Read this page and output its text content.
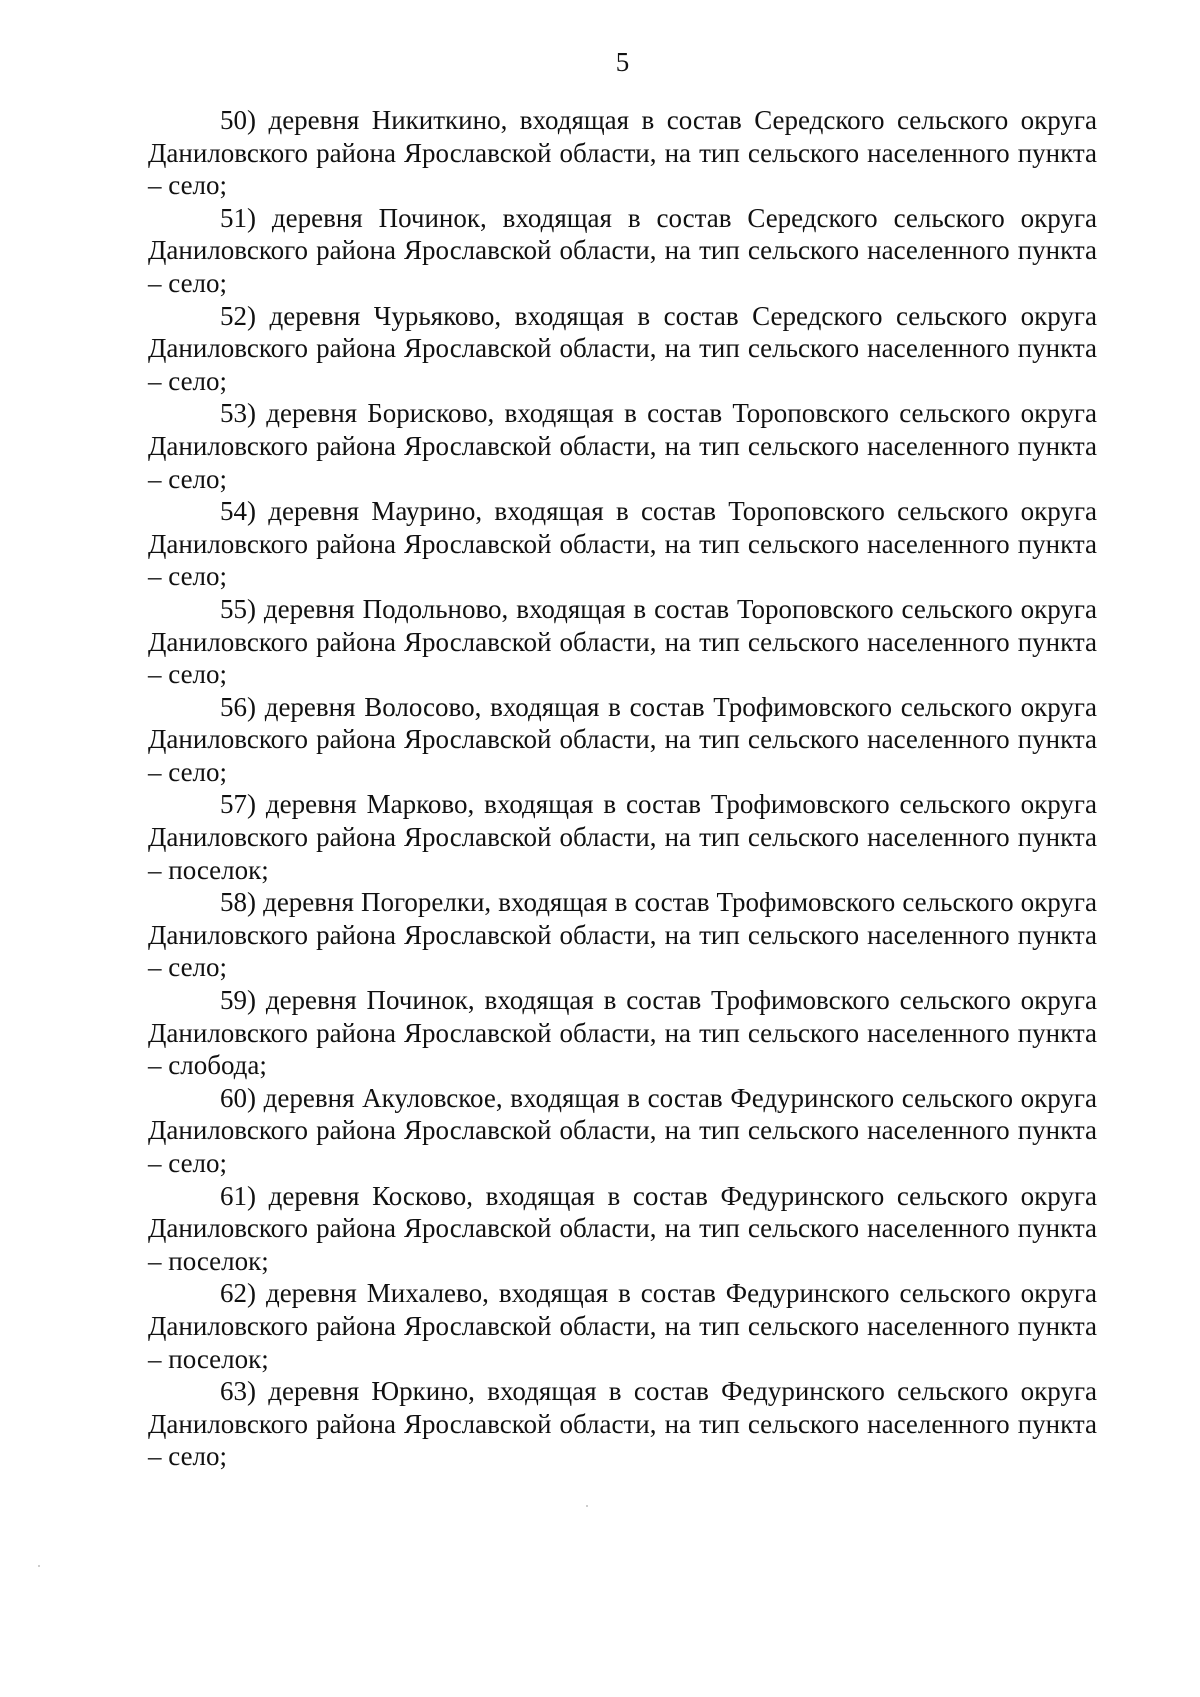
5

50) деревня Никиткино, входящая в состав Середского сельского округа Даниловского района Ярославской области, на тип сельского населенного пункта – село;

51) деревня Починок, входящая в состав Середского сельского округа Даниловского района Ярославской области, на тип сельского населенного пункта – село;

52) деревня Чурьяково, входящая в состав Середского сельского округа Даниловского района Ярославской области, на тип сельского населенного пункта – село;

53) деревня Борисково, входящая в состав Тороповского сельского округа Даниловского района Ярославской области, на тип сельского населенного пункта – село;

54) деревня Маурино, входящая в состав Тороповского сельского округа Даниловского района Ярославской области, на тип сельского населенного пункта – село;

55) деревня Подольново, входящая в состав Тороповского сельского округа Даниловского района Ярославской области, на тип сельского населенного пункта – село;

56) деревня Волосово, входящая в состав Трофимовского сельского округа Даниловского района Ярославской области, на тип сельского населенного пункта – село;

57) деревня Марково, входящая в состав Трофимовского сельского округа Даниловского района Ярославской области, на тип сельского населенного пункта – поселок;

58) деревня Погорелки, входящая в состав Трофимовского сельского округа Даниловского района Ярославской области, на тип сельского населенного пункта – село;

59) деревня Починок, входящая в состав Трофимовского сельского округа Даниловского района Ярославской области, на тип сельского населенного пункта – слобода;

60) деревня Акуловское, входящая в состав Федуринского сельского округа Даниловского района Ярославской области, на тип сельского населенного пункта – село;

61) деревня Косково, входящая в состав Федуринского сельского округа Даниловского района Ярославской области, на тип сельского населенного пункта – поселок;

62) деревня Михалево, входящая в состав Федуринского сельского округа Даниловского района Ярославской области, на тип сельского населенного пункта – поселок;

63) деревня Юркино, входящая в состав Федуринского сельского округа Даниловского района Ярославской области, на тип сельского населенного пункта – село;
